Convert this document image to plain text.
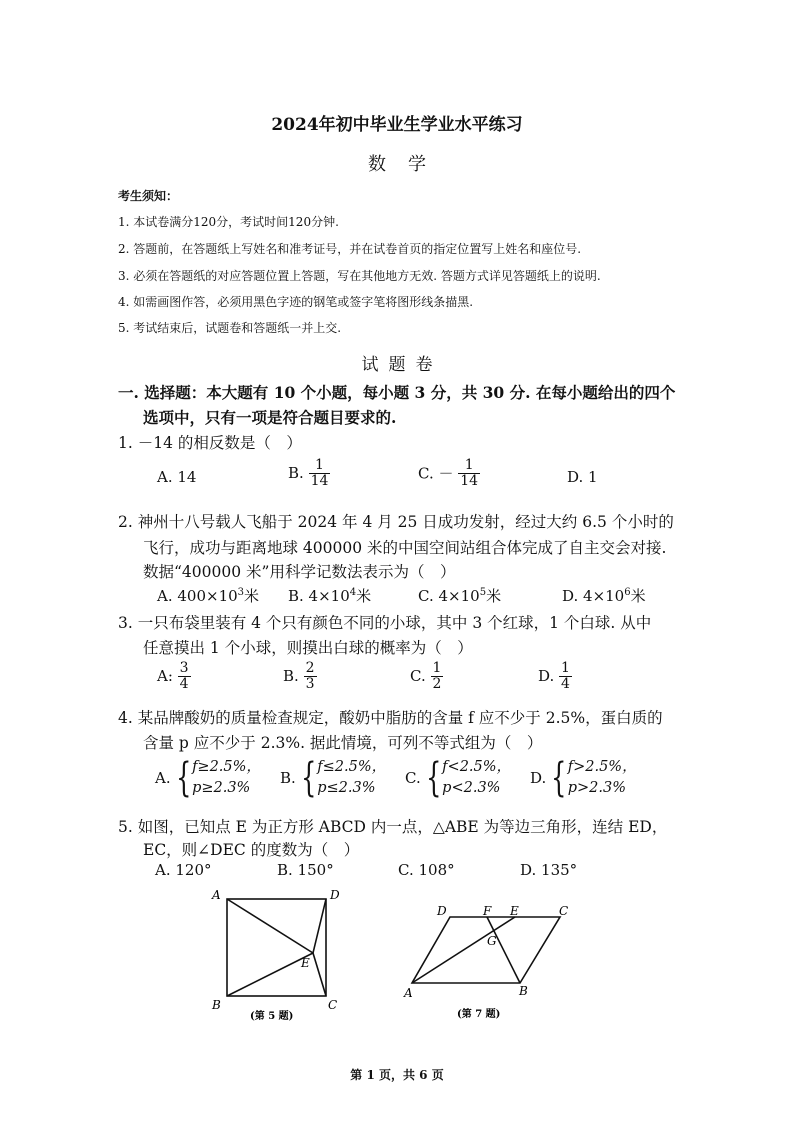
2024年初中毕业生学业水平练习
数学
考生须知：
1. 本试卷满分120分，考试时间120分钟.
2. 答题前，在答题纸上写姓名和准考证号，并在试卷首页的指定位置写上姓名和座位号.
3. 必须在答题纸的对应答题位置上答题，写在其他地方无效. 答题方式详见答题纸上的说明.
4. 如需画图作答，必须用黑色字迹的钢笔或签字笔将图形线条描黑.
5. 考试结束后，试题卷和答题纸一并上交.
试题卷
一. 选择题：本大题有 10 个小题，每小题 3 分，共 30 分. 在每小题给出的四个
选项中，只有一项是符合题目要求的.
1. －14 的相反数是（　）
A. 14	B. $\frac{1}{14}$	C. － $\frac{1}{14}$	D. 1
2. 神州十八号载人飞船于 2024 年 4 月 25 日成功发射，经过大约 6.5 个小时的
飞行，成功与距离地球 400000 米的中国空间站组合体完成了自主交会对接.
数据“400000 米”用科学记数法表示为（　）
A. $400\times 10^3$米 B. $4\times 10^4$米	C. $4\times 10^5$米	D. $4\times 10^6$米
3. 一只布袋里装有 4 个只有颜色不同的小球，其中 3 个红球，1 个白球. 从中
任意摸出 1 个小球，则摸出白球的概率为（　）
A: $\frac{3}{4}$	B. $\frac{2}{3}$	C. $\frac{1}{2}$	D. $\frac{1}{4}$
4. 某品牌酸奶的质量检查规定，酸奶中脂肪的含量 f 应不少于 2.5%，蛋白质的
含量 p 应不少于 2.3%. 据此情境，可列不等式组为（　）
A. {f≥2.5%，
p≥2.3%
B. {f≤2.5%，
p≤2.3%
C. {f<2.5%，
p<2.3%
D. {f>2.5%，
p>2.3%
5. 如图，已知点 E 为正方形 ABCD 内一点，△ABE 为等边三角形，连结 ED，
EC，则∠DEC 的度数为（　）
A. 120°	B. 150°	C. 108°	D. 135°
A	D
B	C
E
(第 5 题)
D	F E	C
G
A	B
(第 7 题)
第 1 页，共 6 页
